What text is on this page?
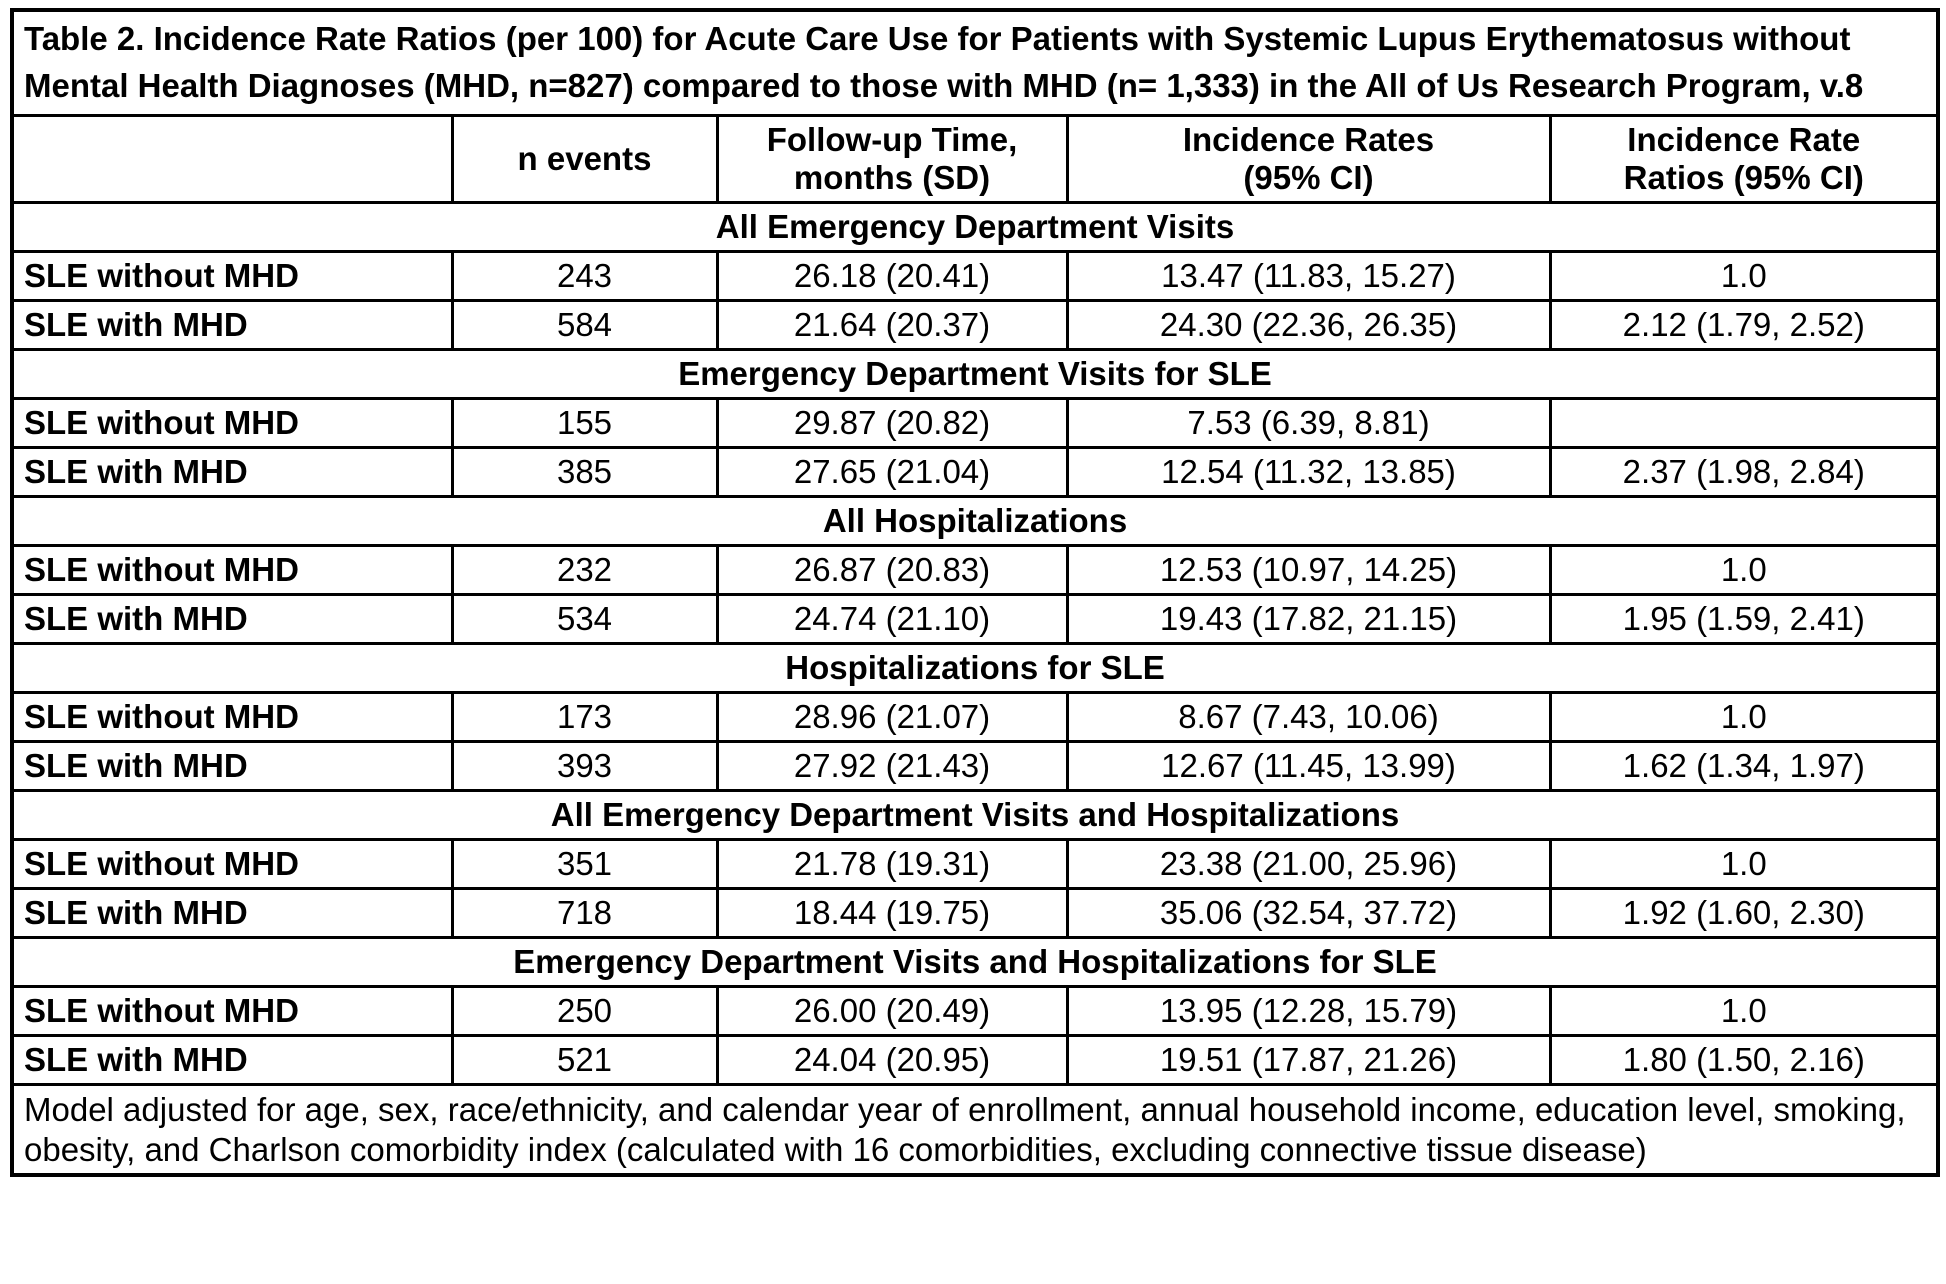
Table 2. Incidence Rate Ratios (per 100) for Acute Care Use for Patients with Systemic Lupus Erythematosus without Mental Health Diagnoses (MHD, n=827) compared to those with MHD (n= 1,333) in the All of Us Research Program, v.8				
	n events	Follow-up Time, months (SD)	Incidence Rates (95% CI)	Incidence Rate Ratios (95% CI)
All Emergency Department Visits				
SLE without MHD	243	26.18 (20.41)	13.47 (11.83, 15.27)	1.0
SLE with MHD	584	21.64 (20.37)	24.30 (22.36, 26.35)	2.12 (1.79, 2.52)
Emergency Department Visits for SLE				
SLE without MHD	155	29.87 (20.82)	7.53 (6.39, 8.81)	
SLE with MHD	385	27.65 (21.04)	12.54 (11.32, 13.85)	2.37 (1.98, 2.84)
All Hospitalizations				
SLE without MHD	232	26.87 (20.83)	12.53 (10.97, 14.25)	1.0
SLE with MHD	534	24.74 (21.10)	19.43 (17.82, 21.15)	1.95 (1.59, 2.41)
Hospitalizations for SLE				
SLE without MHD	173	28.96 (21.07)	8.67 (7.43, 10.06)	1.0
SLE with MHD	393	27.92 (21.43)	12.67 (11.45, 13.99)	1.62 (1.34, 1.97)
All Emergency Department Visits and Hospitalizations				
SLE without MHD	351	21.78 (19.31)	23.38 (21.00, 25.96)	1.0
SLE with MHD	718	18.44 (19.75)	35.06 (32.54, 37.72)	1.92 (1.60, 2.30)
Emergency Department Visits and Hospitalizations for SLE				
SLE without MHD	250	26.00 (20.49)	13.95 (12.28, 15.79)	1.0
SLE with MHD	521	24.04 (20.95)	19.51 (17.87, 21.26)	1.80 (1.50, 2.16)
Model adjusted for age, sex, race/ethnicity, and calendar year of enrollment, annual household income, education level, smoking, obesity, and Charlson comorbidity index (calculated with 16 comorbidities, excluding connective tissue disease)				
